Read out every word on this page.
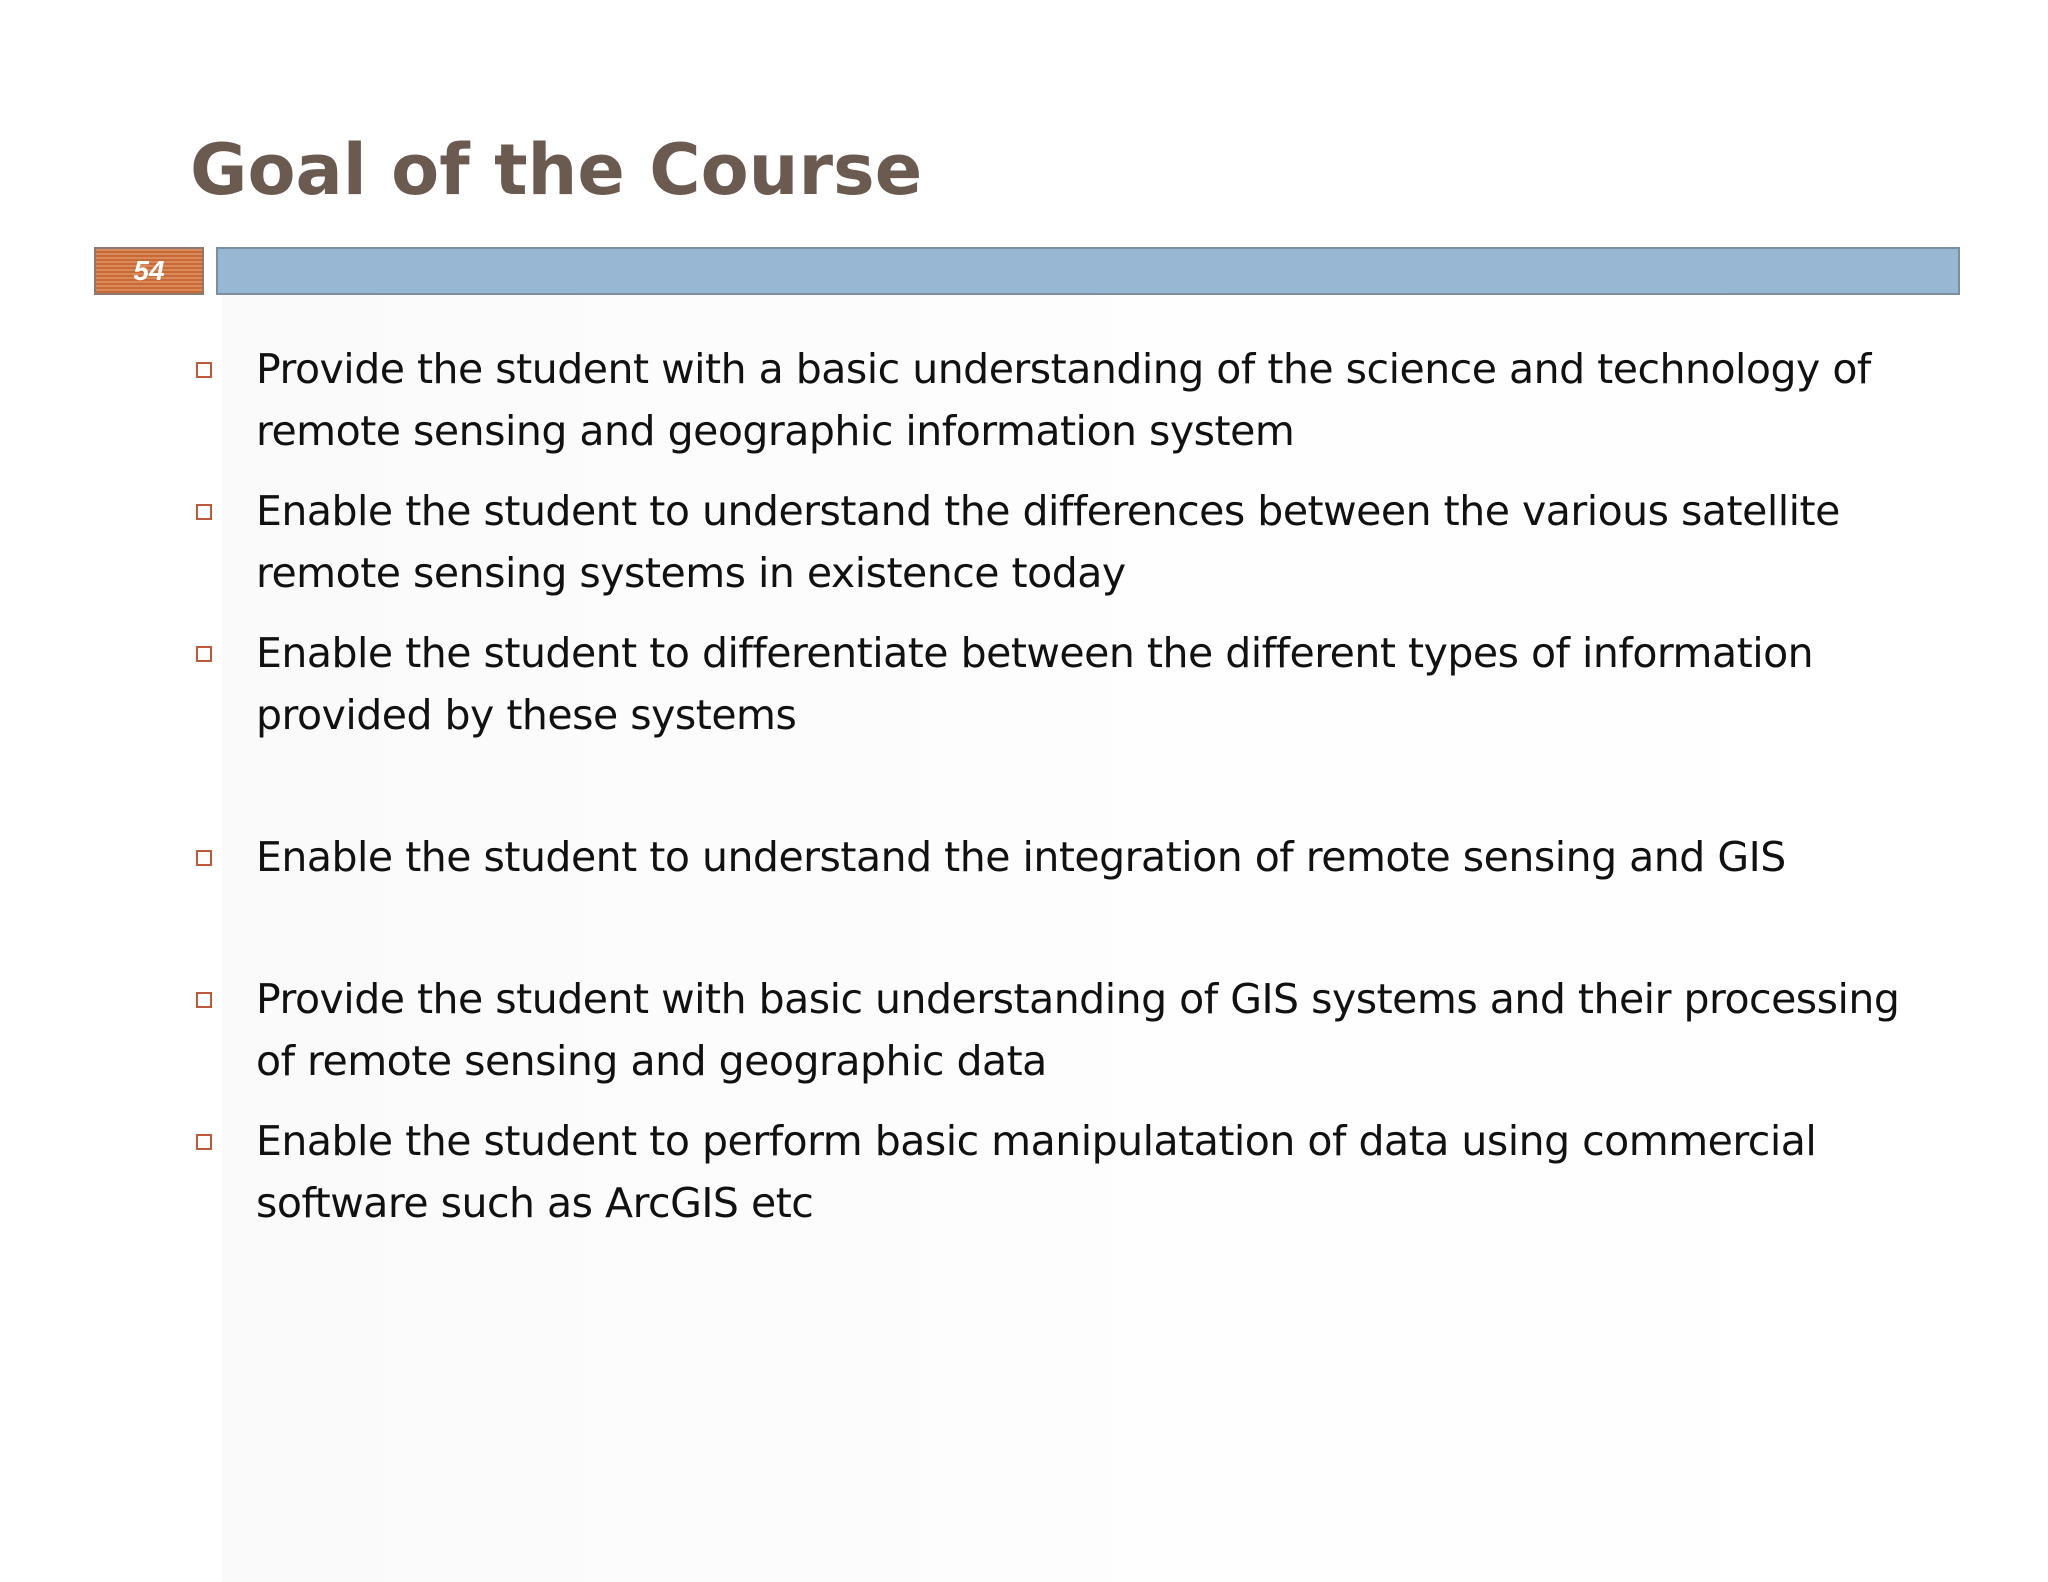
Goal of the Course
54
Provide the student with a basic understanding of the science and technology of remote sensing and geographic information system
Enable the student to understand the differences between the various satellite remote sensing systems in existence today
Enable the student to differentiate between the different types of information provided by these systems
Enable the student to understand the integration of remote sensing and GIS
Provide the student with basic understanding of GIS systems and their processing of remote sensing and geographic data
Enable the student to perform basic manipulatation of data using commercial software such as ArcGIS etc
